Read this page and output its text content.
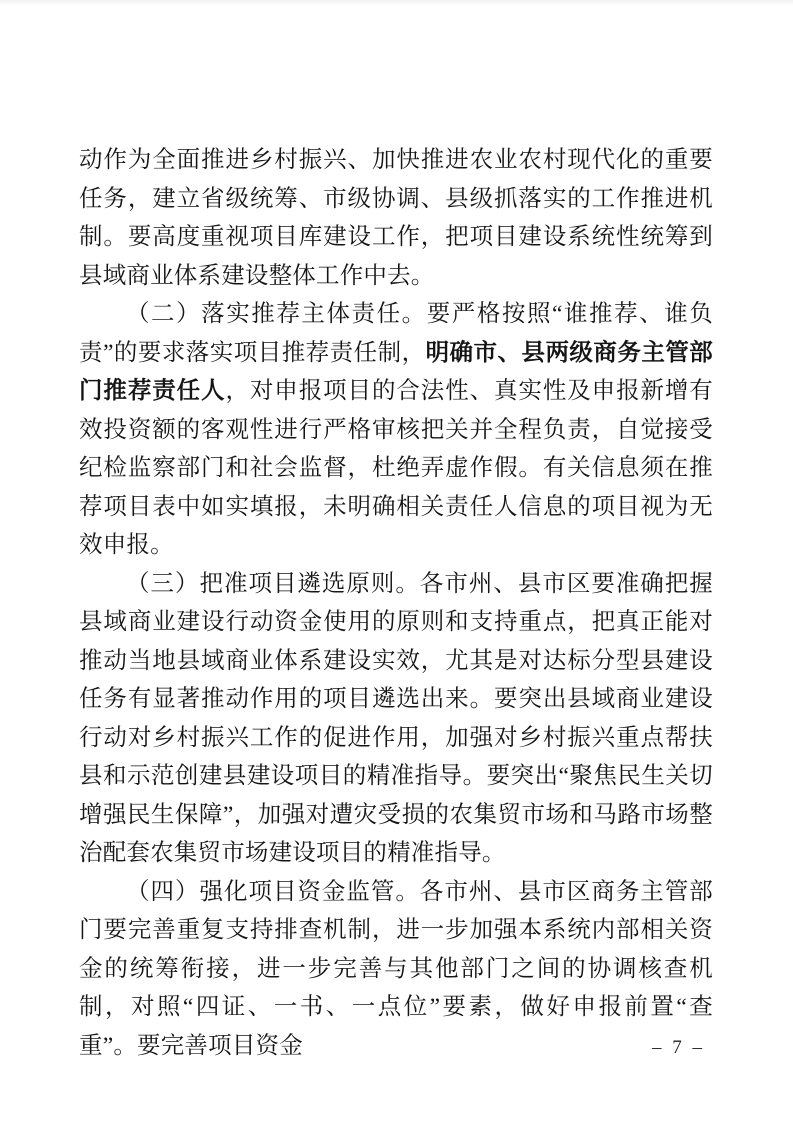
动作为全面推进乡村振兴、加快推进农业农村现代化的重要任务，建立省级统筹、市级协调、县级抓落实的工作推进机制。要高度重视项目库建设工作，把项目建设系统性统筹到县域商业体系建设整体工作中去。

（二）落实推荐主体责任。要严格按照“谁推荐、谁负责”的要求落实项目推荐责任制，明确市、县两级商务主管部门推荐责任人，对申报项目的合法性、真实性及申报新增有效投资额的客观性进行严格审核把关并全程负责，自觉接受纪检监察部门和社会监督，杜绝弄虚作假。有关信息须在推荐项目表中如实填报，未明确相关责任人信息的项目视为无效申报。

（三）把准项目遴选原则。各市州、县市区要准确把握县域商业建设行动资金使用的原则和支持重点，把真正能对推动当地县域商业体系建设实效，尤其是对达标分型县建设任务有显著推动作用的项目遴选出来。要突出县域商业建设行动对乡村振兴工作的促进作用，加强对乡村振兴重点帮扶县和示范创建县建设项目的精准指导。要突出“聚焦民生关切 增强民生保障”，加强对遭灾受损的农集贸市场和马路市场整治配套农集贸市场建设项目的精准指导。

（四）强化项目资金监管。各市州、县市区商务主管部门要完善重复支持排查机制，进一步加强本系统内部相关资金的统筹衔接，进一步完善与其他部门之间的协调核查机制，对照“四证、一书、一点位”要素，做好申报前置“查重”。要完善项目资金	– 7 –
